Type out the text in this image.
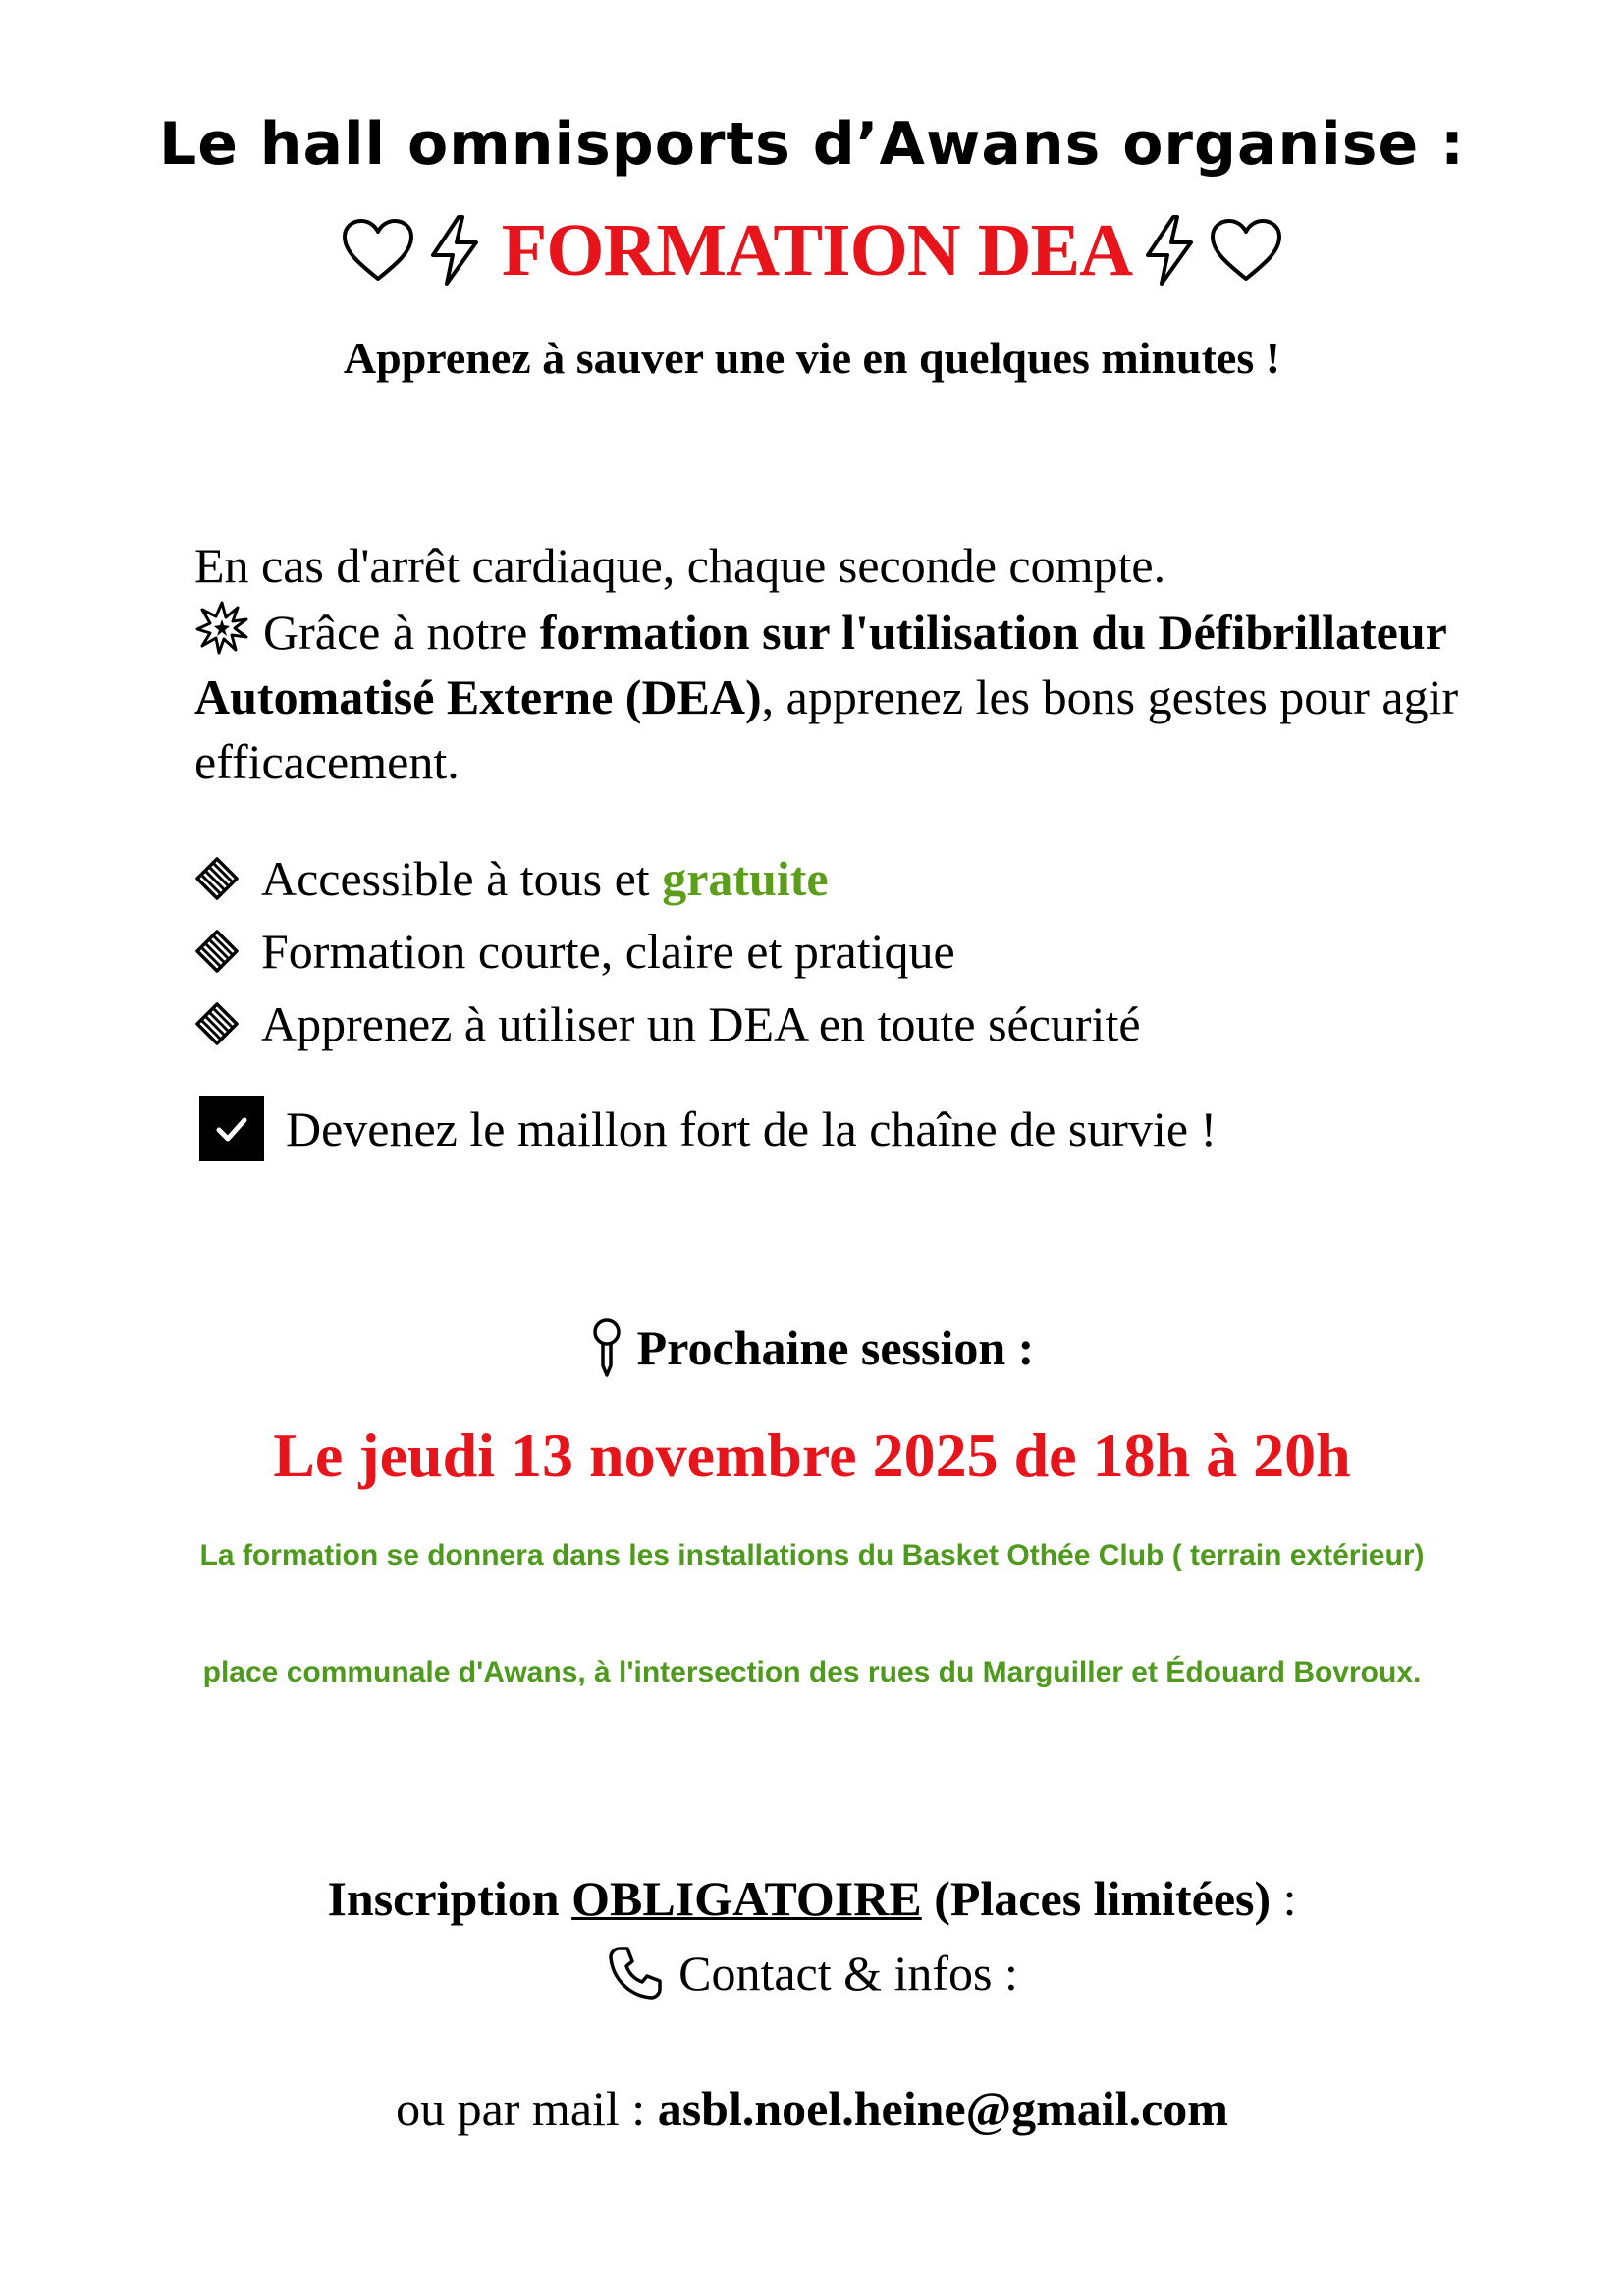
Le hall omnisports d’Awans organise :
FORMATION DEA
Apprenez à sauver une vie en quelques minutes !
En cas d'arrêt cardiaque, chaque seconde compte.
Grâce à notre formation sur l'utilisation du Défibrillateur Automatisé Externe (DEA), apprenez les bons gestes pour agir efficacement.
Accessible à tous et gratuite
Formation courte, claire et pratique
Apprenez à utiliser un DEA en toute sécurité
Devenez le maillon fort de la chaîne de survie !
Prochaine session :
Le jeudi 13 novembre 2025 de 18h à 20h
La formation se donnera dans les installations du Basket Othée Club ( terrain extérieur)
place communale d'Awans, à l'intersection des rues du Marguiller et Édouard Bovroux.
Inscription OBLIGATOIRE (Places limitées) :
Contact & infos :
ou par mail : asbl.noel.heine@gmail.com
